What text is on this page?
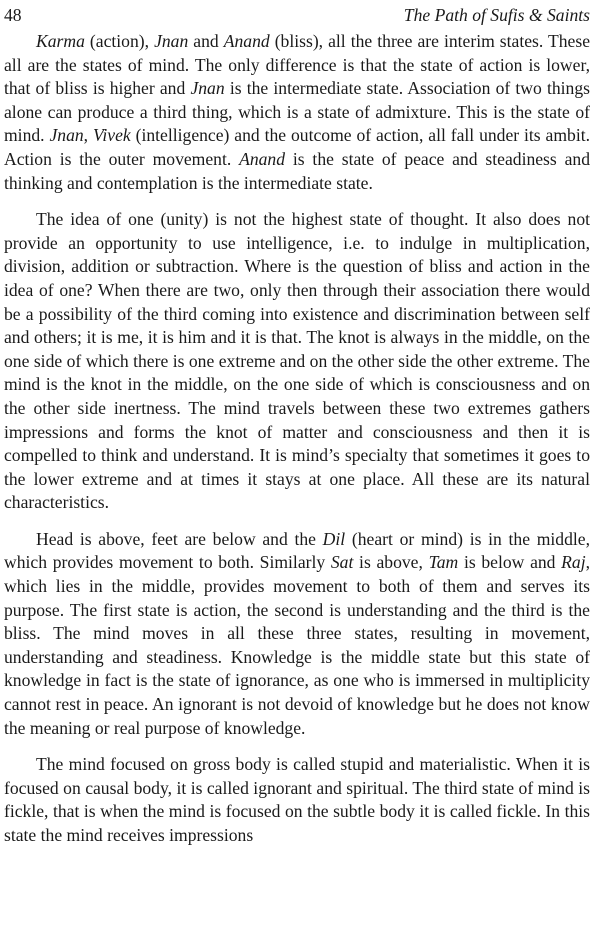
48	The Path of Sufis & Saints

Karma (action), Jnan and Anand (bliss), all the three are interim states. These all are the states of mind. The only difference is that the state of action is lower, that of bliss is higher and Jnan is the intermediate state. Association of two things alone can produce a third thing, which is a state of admixture. This is the state of mind. Jnan, Vivek (intelligence) and the outcome of action, all fall under its ambit. Action is the outer movement. Anand is the state of peace and steadiness and thinking and contemplation is the intermediate state.

The idea of one (unity) is not the highest state of thought. It also does not provide an opportunity to use intelligence, i.e. to indulge in multiplication, division, addition or subtraction. Where is the question of bliss and action in the idea of one? When there are two, only then through their association there would be a possibility of the third coming into existence and discrimination between self and others; it is me, it is him and it is that. The knot is always in the middle, on the one side of which there is one extreme and on the other side the other extreme. The mind is the knot in the middle, on the one side of which is consciousness and on the other side inertness. The mind travels between these two extremes gathers impressions and forms the knot of matter and consciousness and then it is compelled to think and understand. It is mind’s specialty that sometimes it goes to the lower extreme and at times it stays at one place. All these are its natural characteristics.

Head is above, feet are below and the Dil (heart or mind) is in the middle, which provides movement to both. Similarly Sat is above, Tam is below and Raj, which lies in the middle, provides movement to both of them and serves its purpose. The first state is action, the second is understanding and the third is the bliss. The mind moves in all these three states, resulting in movement, understanding and steadiness. Knowledge is the middle state but this state of knowledge in fact is the state of ignorance, as one who is immersed in multiplicity cannot rest in peace. An ignorant is not devoid of knowledge but he does not know the meaning or real purpose of knowledge.

The mind focused on gross body is called stupid and materialistic. When it is focused on causal body, it is called ignorant and spiritual. The third state of mind is fickle, that is when the mind is focused on the subtle body it is called fickle. In this state the mind receives impressions
